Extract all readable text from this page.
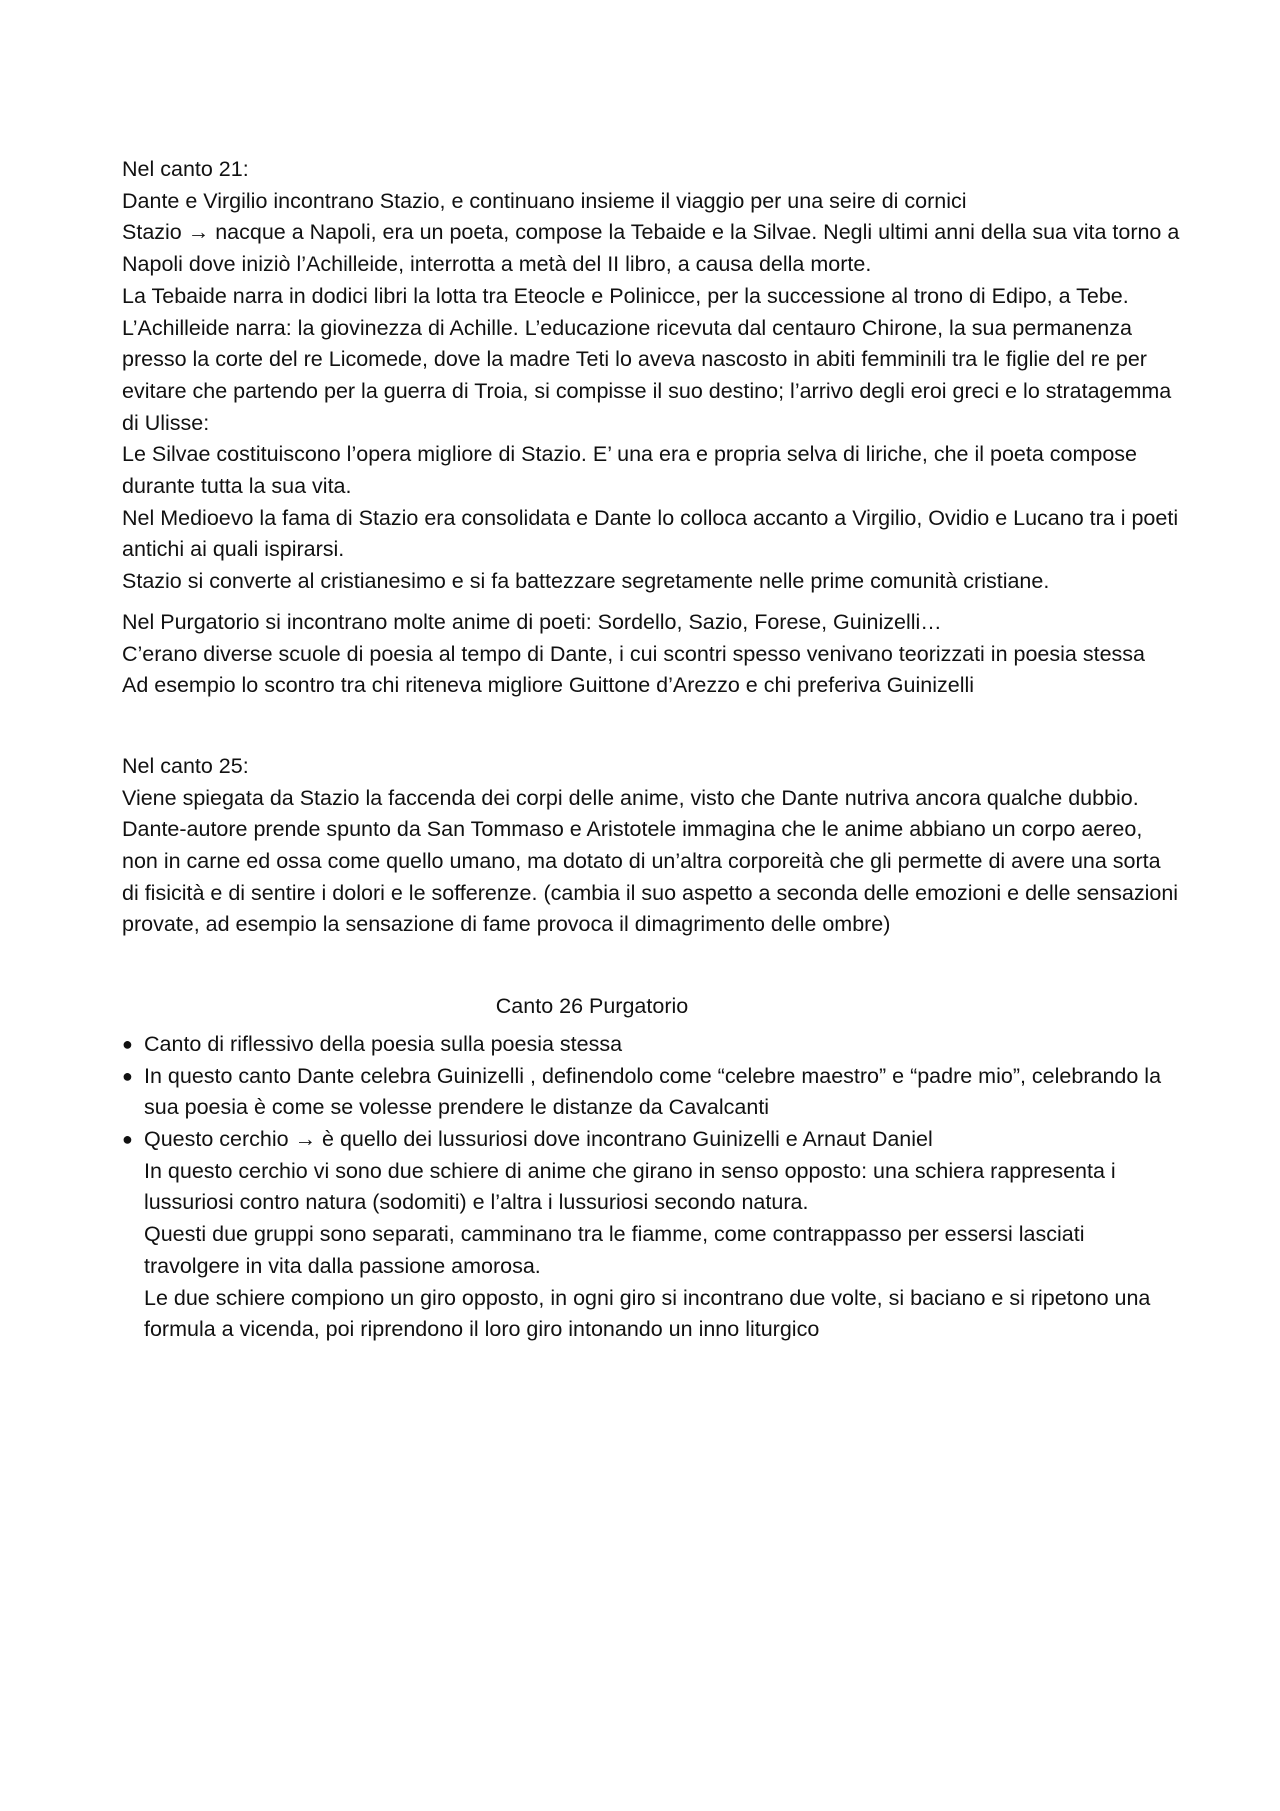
Nel canto 21:

Dante e Virgilio incontrano Stazio, e continuano insieme il viaggio per una seire di cornici

Stazio → nacque a Napoli, era un poeta, compose la Tebaide e la Silvae. Negli ultimi anni della sua vita torno a Napoli dove iniziò l’Achilleide, interrotta a metà del II libro, a causa della morte.

La Tebaide narra in dodici libri la lotta tra Eteocle e Polinicce, per la successione al trono di Edipo, a Tebe.

L’Achilleide narra: la giovinezza di Achille. L’educazione ricevuta dal centauro Chirone, la sua permanenza presso la corte del re Licomede, dove la madre Teti lo aveva nascosto in abiti femminili tra le figlie del re per evitare che partendo per la guerra di Troia, si compisse il suo destino; l’arrivo degli eroi greci e lo stratagemma di Ulisse:

Le Silvae costituiscono l’opera migliore di Stazio. E’ una era e propria selva di liriche, che il poeta compose durante tutta la sua vita.

Nel Medioevo la fama di Stazio era consolidata e Dante lo colloca accanto a Virgilio, Ovidio e Lucano tra i poeti antichi ai quali ispirarsi.

Stazio si converte al cristianesimo e si fa battezzare segretamente nelle prime comunità cristiane.

Nel Purgatorio si incontrano molte anime di poeti: Sordello, Sazio, Forese, Guinizelli…

C’erano diverse scuole di poesia al tempo di Dante, i cui scontri spesso venivano teorizzati in poesia stessa

Ad esempio lo scontro tra chi riteneva migliore Guittone d’Arezzo e chi preferiva Guinizelli

Nel canto 25:

Viene spiegata da Stazio la faccenda dei corpi delle anime, visto che Dante nutriva ancora qualche dubbio.

Dante-autore prende spunto da San Tommaso e Aristotele immagina che le anime abbiano un corpo aereo, non in carne ed ossa come quello umano, ma dotato di un’altra corporeità che gli permette di avere una sorta di fisicità e di sentire i dolori e le sofferenze. (cambia il suo aspetto a seconda delle emozioni e delle sensazioni provate, ad esempio la sensazione di fame provoca il dimagrimento delle ombre)

Canto 26 Purgatorio

● Canto di riflessivo della poesia sulla poesia stessa

● In questo canto Dante celebra Guinizelli , definendolo come “celebre maestro” e “padre mio”, celebrando la sua poesia è come se volesse prendere le distanze da Cavalcanti

● Questo cerchio → è quello dei lussuriosi dove incontrano Guinizelli e Arnaut Daniel

In questo cerchio vi sono due schiere di anime che girano in senso opposto: una schiera rappresenta i lussuriosi contro natura (sodomiti) e l’altra i lussuriosi secondo natura.

Questi due gruppi sono separati, camminano tra le fiamme, come contrappasso per essersi lasciati travolgere in vita dalla passione amorosa.

Le due schiere compiono un giro opposto, in ogni giro si incontrano due volte, si baciano e si ripetono una formula a vicenda, poi riprendono il loro giro intonando un inno liturgico
